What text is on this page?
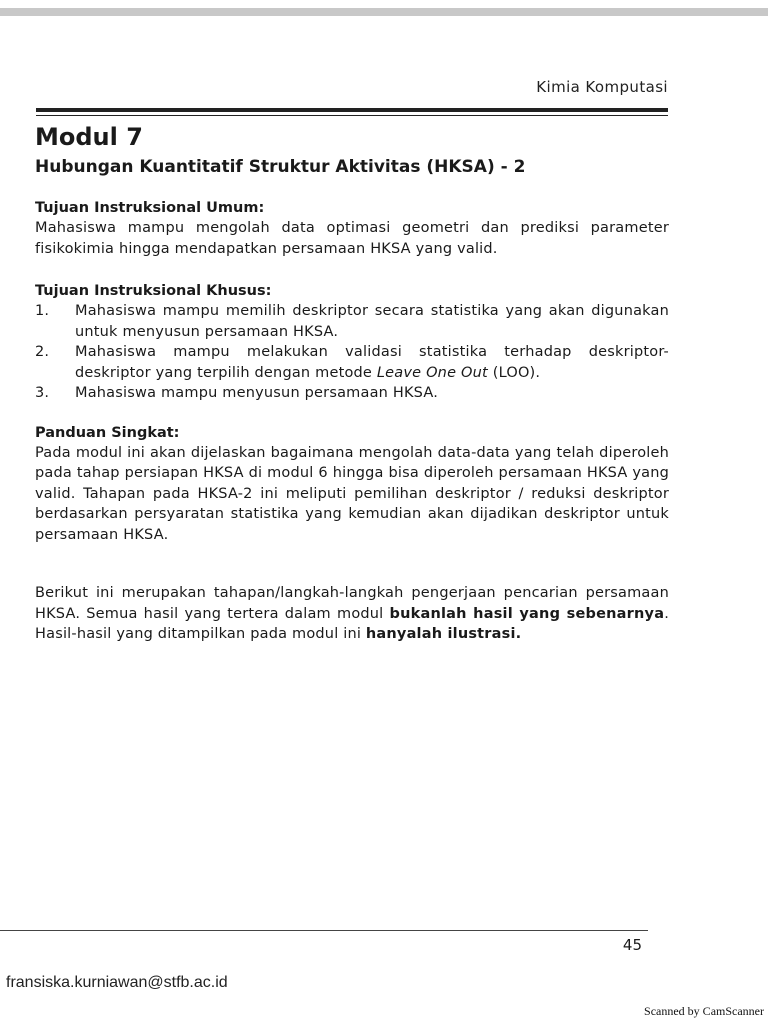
Kimia Komputasi
Modul 7
Hubungan Kuantitatif Struktur Aktivitas (HKSA) - 2
Tujuan Instruksional Umum:

Mahasiswa mampu mengolah data optimasi geometri dan prediksi parameter fisikokimia hingga mendapatkan persamaan HKSA yang valid.

Tujuan Instruksional Khusus:
1.	Mahasiswa mampu memilih deskriptor secara statistika yang akan digunakan untuk menyusun persamaan HKSA.
2.	Mahasiswa mampu melakukan validasi statistika terhadap deskriptor-deskriptor yang terpilih dengan metode Leave One Out (LOO).
3.	Mahasiswa mampu menyusun persamaan HKSA.
Panduan Singkat:

Pada modul ini akan dijelaskan bagaimana mengolah data-data yang telah diperoleh pada tahap persiapan HKSA di modul 6 hingga bisa diperoleh persamaan HKSA yang valid. Tahapan pada HKSA-2 ini meliputi pemilihan deskriptor / reduksi deskriptor berdasarkan persyaratan statistika yang kemudian akan dijadikan deskriptor untuk persamaan HKSA.

Berikut ini merupakan tahapan/langkah-langkah pengerjaan pencarian persamaan HKSA. Semua hasil yang tertera dalam modul bukanlah hasil yang sebenarnya. Hasil-hasil yang ditampilkan pada modul ini hanyalah ilustrasi.

45
fransiska.kurniawan@stfb.ac.id
Scanned by CamScanner
